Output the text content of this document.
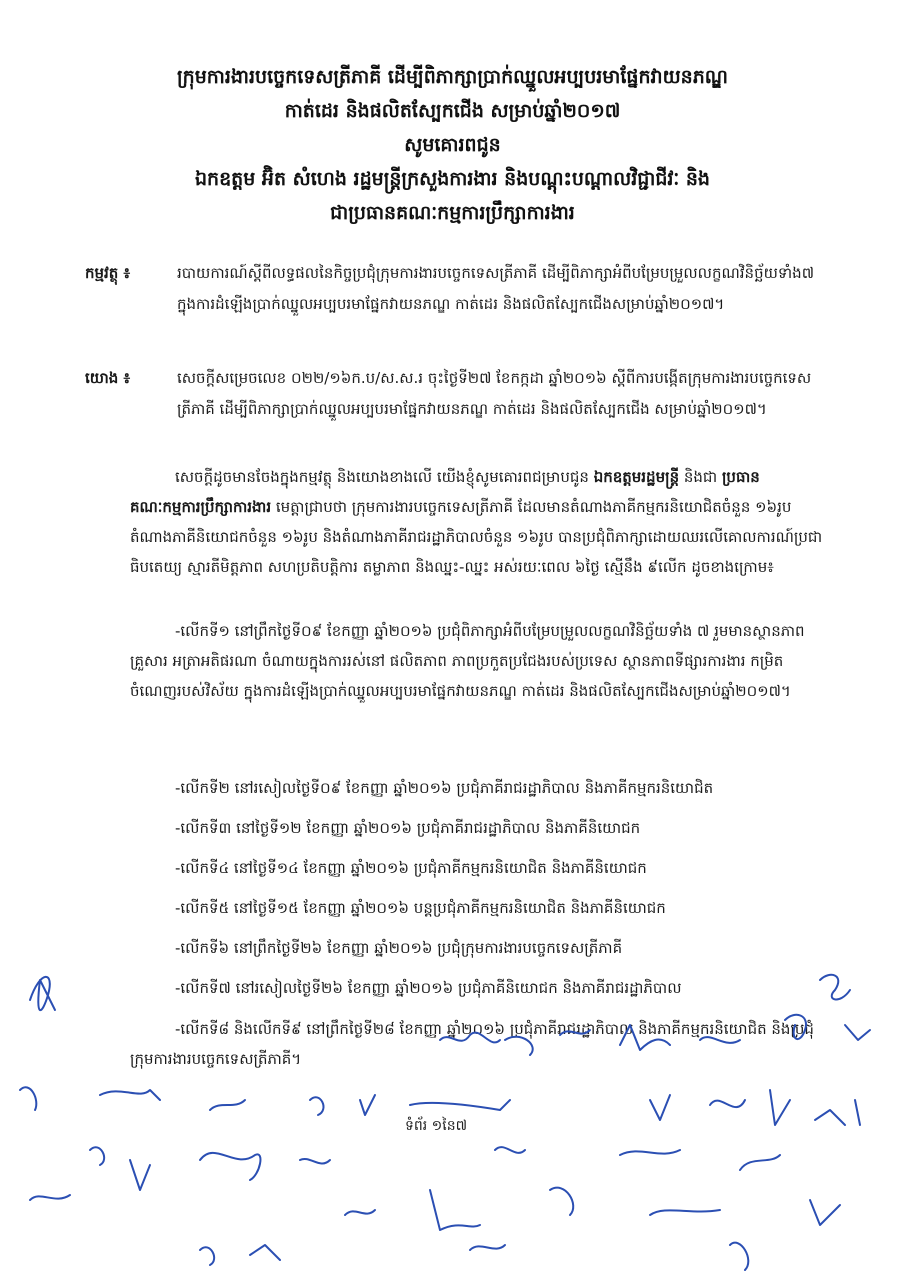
ក្រុមការងារបច្ចេកទេសត្រីភាគី ដើម្បីពិភាក្សាប្រាក់ឈ្នួលអប្បបរមាផ្នែកវាយនភណ្ឌ
កាត់ដេរ និងផលិតស្បែកជើង សម្រាប់ឆ្នាំ២០១៧
សូមគោរពជូន
ឯកឧត្តម អ៊ិត សំហេង រដ្ឋមន្ត្រីក្រសួងការងារ និងបណ្តុះបណ្តាលវិជ្ជាជីវៈ និង
ជាប្រធានគណៈកម្មការប្រឹក្សាការងារ
កម្មវត្ថុ ៖	របាយការណ៍ស្តីពីលទ្ធផលនៃកិច្ចប្រជុំក្រុមការងារបច្ចេកទេសត្រីភាគី ដើម្បីពិភាក្សាអំពីបម្រែបម្រួលលក្ខណវិនិច្ឆ័យទាំង៧ ក្នុងការដំឡើងប្រាក់ឈ្នួលអប្បបរមាផ្នែកវាយនភណ្ឌ កាត់ដេរ និងផលិតស្បែកជើងសម្រាប់ឆ្នាំ២០១៧។
យោង ៖	សេចក្តីសម្រេចលេខ ០២២/១៦ក.ប/ស.ស.រ ចុះថ្ងៃទី២៧ ខែកក្កដា ឆ្នាំ២០១៦ ស្តីពីការបង្កើតក្រុមការងារបច្ចេកទេសត្រីភាគី ដើម្បីពិភាក្សាប្រាក់ឈ្នួលអប្បបរមាផ្នែកវាយនភណ្ឌ កាត់ដេរ និងផលិតស្បែកជើង សម្រាប់ឆ្នាំ២០១៧។
សេចក្តីដូចមានចែងក្នុងកម្មវត្ថុ និងយោងខាងលើ យើងខ្ញុំសូមគោរពជម្រាបជូន ឯកឧត្តមរដ្ឋមន្ត្រី និងជា ប្រធានគណៈកម្មការប្រឹក្សាការងារ មេត្តាជ្រាបថា ក្រុមការងារបច្ចេកទេសត្រីភាគី ដែលមានតំណាងភាគីកម្មករនិយោជិតចំនួន ១៦រូប តំណាងភាគីនិយោជកចំនួន ១៦រូប និងតំណាងភាគីរាជរដ្ឋាភិបាលចំនួន ១៦រូប បានប្រជុំពិភាក្សាដោយឈរលើគោលការណ៍ប្រជាធិបតេយ្យ ស្មារតីមិត្តភាព សហប្រតិបត្តិការ តម្លាភាព និងឈ្នះ-ឈ្នះ អស់រយៈពេល ៦ថ្ងៃ ស្មើនឹង ៩លើក ដូចខាងក្រោម៖
-លើកទី១ នៅព្រឹកថ្ងៃទី០៩ ខែកញ្ញា ឆ្នាំ២០១៦ ប្រជុំពិភាក្សាអំពីបម្រែបម្រួលលក្ខណវិនិច្ឆ័យទាំង ៧ រួមមានស្ថានភាពគ្រួសារ អត្រាអតិផរណា ចំណាយក្នុងការរស់នៅ ផលិតភាព ភាពប្រកួតប្រជែងរបស់ប្រទេស ស្ថានភាពទីផ្សារការងារ កម្រិតចំណេញរបស់វិស័យ ក្នុងការដំឡើងប្រាក់ឈ្នួលអប្បបរមាផ្នែកវាយនភណ្ឌ កាត់ដេរ និងផលិតស្បែកជើងសម្រាប់ឆ្នាំ២០១៧។
-លើកទី២ នៅរសៀលថ្ងៃទី០៩ ខែកញ្ញា ឆ្នាំ២០១៦ ប្រជុំភាគីរាជរដ្ឋាភិបាល និងភាគីកម្មករនិយោជិត
-លើកទី៣ នៅថ្ងៃទី១២ ខែកញ្ញា ឆ្នាំ២០១៦ ប្រជុំភាគីរាជរដ្ឋាភិបាល និងភាគីនិយោជក
-លើកទី៤ នៅថ្ងៃទី១៤ ខែកញ្ញា ឆ្នាំ២០១៦ ប្រជុំភាគីកម្មករនិយោជិត និងភាគីនិយោជក
-លើកទី៥ នៅថ្ងៃទី១៥ ខែកញ្ញា ឆ្នាំ២០១៦ បន្តប្រជុំភាគីកម្មករនិយោជិត និងភាគីនិយោជក
-លើកទី៦ នៅព្រឹកថ្ងៃទី២៦ ខែកញ្ញា ឆ្នាំ២០១៦ ប្រជុំក្រុមការងារបច្ចេកទេសត្រីភាគី
-លើកទី៧ នៅរសៀលថ្ងៃទី២៦ ខែកញ្ញា ឆ្នាំ២០១៦ ប្រជុំភាគីនិយោជក និងភាគីរាជរដ្ឋាភិបាល
-លើកទី៨ និងលើកទី៩ នៅព្រឹកថ្ងៃទី២៨ ខែកញ្ញា ឆ្នាំ២០១៦ ប្រជុំភាគីរាជរដ្ឋាភិបាល និងភាគីកម្មករនិយោជិត និងប្រជុំក្រុមការងារបច្ចេកទេសត្រីភាគី។
ទំព័រ ១នៃ៧
